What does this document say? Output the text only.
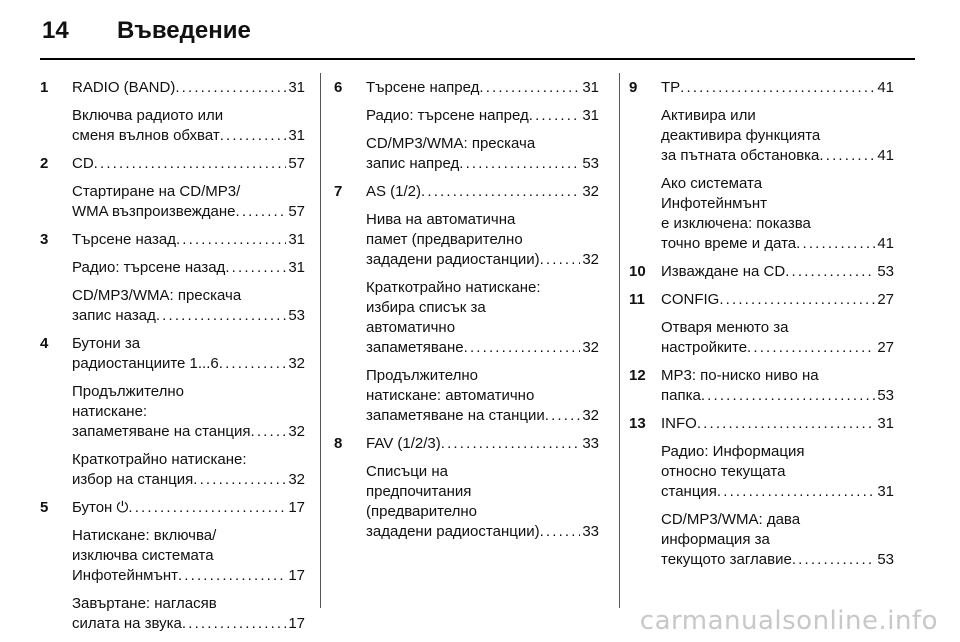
14 Въведение
1 RADIO (BAND) . . .	31
Включва радиото или
сменя вълнов обхват . . .	31
2 CD . . .	57
Стартиране на CD/MP3/
WMA възпроизвеждане . . .	57
3 Търсене назад . . .	31
Радио: търсене назад . . .	31
CD/MP3/WMA: прескача
запис назад . . .	53
4 Бутони за
радиостанциите 1...6 . . .	32
Продължително
натискане:
запаметяване на станция . . .	32
Краткотрайно натискане:
избор на станция . . .	32
5 Бутон ⏻ . . .	17
Натискане: включва/
изключва системата
Инфотейнмънт . . .	17
Завъртане: нагласяв
силата на звука . . .	17
6 Търсене напред . . .	31
Радио: търсене напред . . .	31
CD/MP3/WMA: прескача
запис напред . . .	53
7 AS (1/2) . . .	32
Нива на автоматична
памет (предварително
зададени радиостанции) . . .	32
Краткотрайно натискане:
избира списък за
автоматично
запаметяване . . .	32
Продължително
натискане: автоматично
запаметяване на станции . . .	32
8 FAV (1/2/3) . . .	33
Списъци на
предпочитания
(предварително
зададени радиостанции) . . .	33
9 TP . . .	41
Активира или
деактивира функцията
за пътната обстановка . . .	41
Ако системата
Инфотейнмънт
е изключена: показва
точно време и дата . . .	41
10 Изваждане на CD . . .	53
11 CONFIG . . .	27
Отваря менюто за
настройките . . .	27
12 MP3: по-ниско ниво на
папка . . .	53
13 INFO . . .	31
Радио: Информация
относно текущата
станция . . .	31
CD/MP3/WMA: дава
информация за
текущото заглавие . . .	53
carmanualsonline.info
